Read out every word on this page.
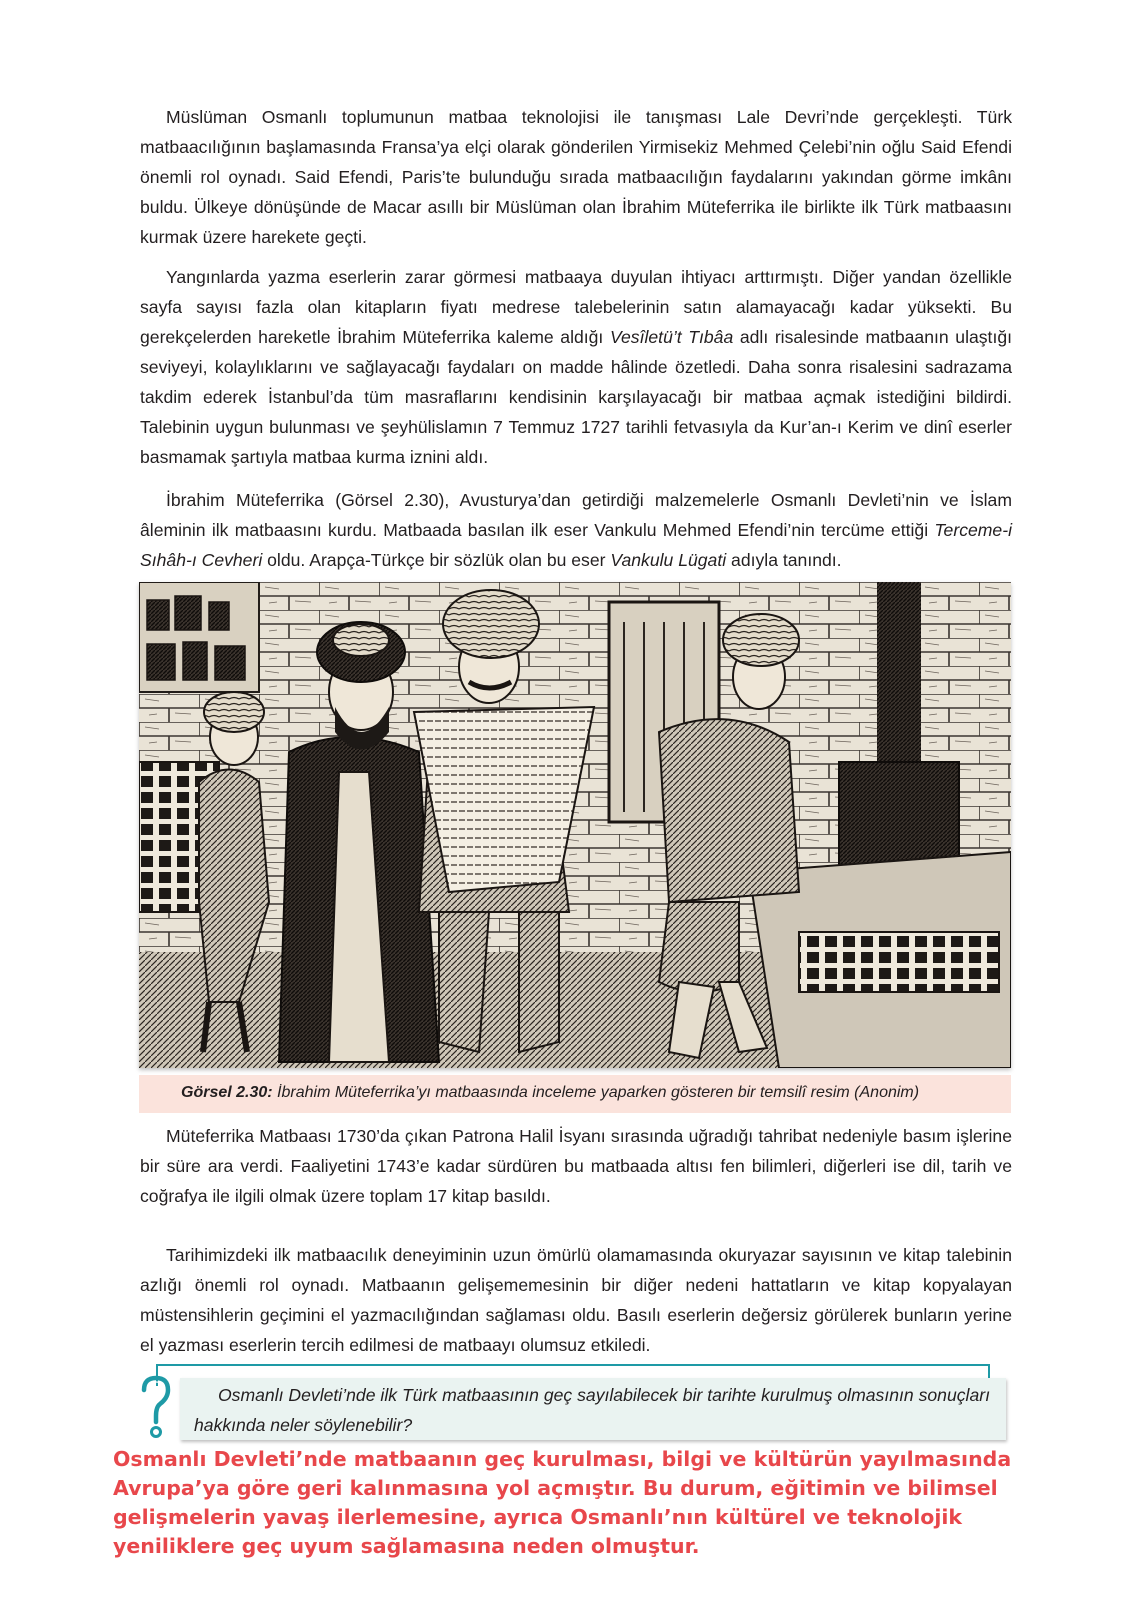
Müslüman Osmanlı toplumunun matbaa teknolojisi ile tanışması Lale Devri’nde gerçekleşti. Türk matbaacılığının başlamasında Fransa’ya elçi olarak gönderilen Yirmisekiz Mehmed Çelebi’nin oğlu Said Efendi önemli rol oynadı. Said Efendi, Paris’te bulunduğu sırada matbaacılığın faydalarını yakından görme imkânı buldu. Ülkeye dönüşünde de Macar asıllı bir Müslüman olan İbrahim Müteferrika ile birlikte ilk Türk matbaasını kurmak üzere harekete geçti.

Yangınlarda yazma eserlerin zarar görmesi matbaaya duyulan ihtiyacı arttırmıştı. Diğer yandan özellikle sayfa sayısı fazla olan kitapların fiyatı medrese talebelerinin satın alamayacağı kadar yüksekti. Bu gerekçelerden hareketle İbrahim Müteferrika kaleme aldığı Vesîletü’t Tıbâa adlı risalesinde matbaanın ulaştığı seviyeyi, kolaylıklarını ve sağlayacağı faydaları on madde hâlinde özetledi. Daha sonra risalesini sadrazama takdim ederek İstanbul’da tüm masraflarını kendisinin karşılayacağı bir matbaa açmak istediğini bildirdi. Talebinin uygun bulunması ve şeyhülislamın 7 Temmuz 1727 tarihli fetvasıyla da Kur’an-ı Kerim ve dinî eserler basmamak şartıyla matbaa kurma iznini aldı.

İbrahim Müteferrika (Görsel 2.30), Avusturya’dan getirdiği malzemelerle Osmanlı Devleti’nin ve İslam âleminin ilk matbaasını kurdu. Matbaada basılan ilk eser Vankulu Mehmed Efendi’nin tercüme ettiği Terceme-i Sıhâh-ı Cevheri oldu. Arapça-Türkçe bir sözlük olan bu eser Vankulu Lügati adıyla tanındı.

Görsel 2.30: İbrahim Müteferrika’yı matbaasında inceleme yaparken gösteren bir temsilî resim (Anonim)

Müteferrika Matbaası 1730’da çıkan Patrona Halil İsyanı sırasında uğradığı tahribat nedeniyle basım işlerine bir süre ara verdi. Faaliyetini 1743’e kadar sürdüren bu matbaada altısı fen bilimleri, diğerleri ise dil, tarih ve coğrafya ile ilgili olmak üzere toplam 17 kitap basıldı.

Tarihimizdeki ilk matbaacılık deneyiminin uzun ömürlü olamamasında okuryazar sayısının ve kitap talebinin azlığı önemli rol oynadı. Matbaanın gelişememesinin bir diğer nedeni hattatların ve kitap kopyalayan müstensihlerin geçimini el yazmacılığından sağlaması oldu. Basılı eserlerin değersiz görülerek bunların yerine el yazması eserlerin tercih edilmesi de matbaayı olumsuz etkiledi.

Osmanlı Devleti’nde ilk Türk matbaasının geç sayılabilecek bir tarihte kurulmuş olmasının sonuçları hakkında neler söylenebilir?

Osmanlı Devleti’nde matbaanın geç kurulması, bilgi ve kültürün yayılmasında Avrupa’ya göre geri kalınmasına yol açmıştır. Bu durum, eğitimin ve bilimsel gelişmelerin yavaş ilerlemesine, ayrıca Osmanlı’nın kültürel ve teknolojik yeniliklere geç uyum sağlamasına neden olmuştur.
